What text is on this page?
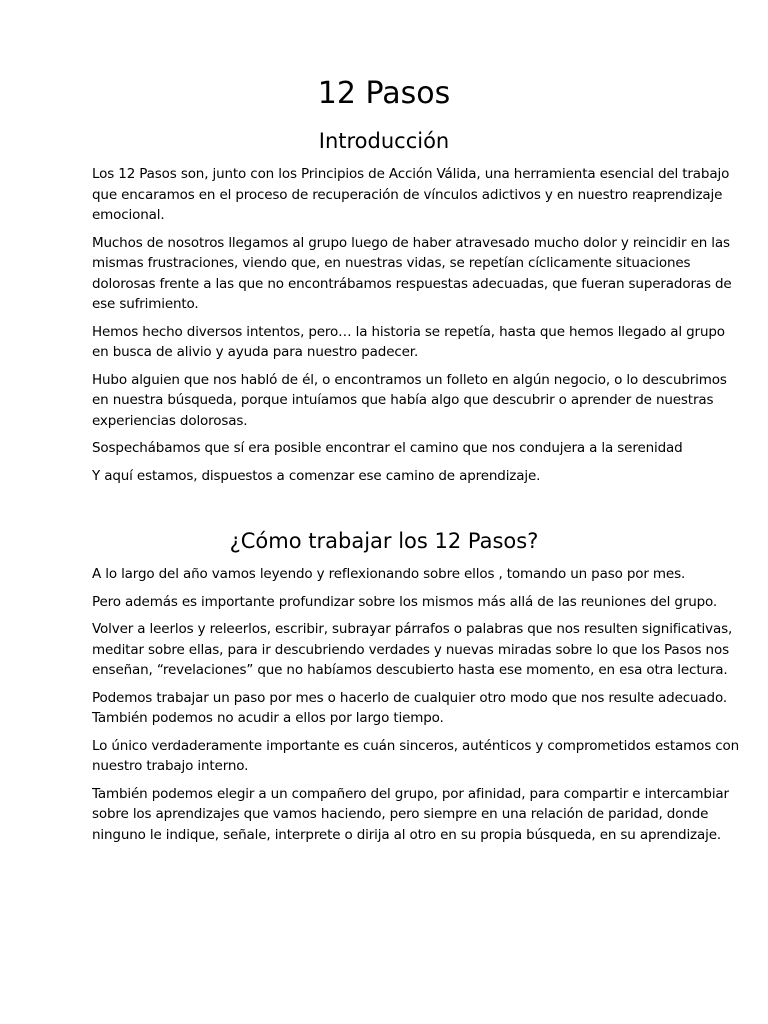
12 Pasos
Introducción

Los 12 Pasos son, junto con los Principios de Acción Válida, una herramienta esencial del trabajo que encaramos en el proceso de recuperación de vínculos adictivos y en nuestro reaprendizaje emocional.

Muchos de nosotros llegamos al grupo luego de haber atravesado mucho dolor y reincidir en las mismas frustraciones, viendo que, en nuestras vidas, se repetían cíclicamente situaciones dolorosas frente a las que no encontrábamos respuestas adecuadas, que fueran superadoras de ese sufrimiento.

Hemos hecho diversos intentos, pero… la historia se repetía, hasta que hemos llegado al grupo en busca de alivio y ayuda para nuestro padecer.

Hubo alguien que nos habló de él, o encontramos un folleto en algún negocio, o lo descubrimos en nuestra búsqueda, porque intuíamos que había algo que descubrir o aprender de nuestras experiencias dolorosas.

Sospechábamos que sí era posible encontrar el camino que nos condujera a la serenidad

Y aquí estamos, dispuestos a comenzar ese camino de aprendizaje.

¿Cómo trabajar los 12 Pasos?

A lo largo del año vamos leyendo y reflexionando sobre ellos , tomando un paso por mes.

Pero además es importante profundizar sobre los mismos más allá de las reuniones del grupo.

Volver a leerlos y releerlos, escribir, subrayar párrafos o palabras que nos resulten significativas, meditar sobre ellas, para ir descubriendo verdades y nuevas miradas sobre lo que los Pasos nos enseñan, “revelaciones” que no habíamos descubierto hasta ese momento, en esa otra lectura.

Podemos trabajar un paso por mes o hacerlo de cualquier otro modo que nos resulte adecuado. También podemos no acudir a ellos por largo tiempo.

Lo único verdaderamente importante es cuán sinceros, auténticos y comprometidos estamos con nuestro trabajo interno.

También podemos elegir a un compañero del grupo, por afinidad, para compartir e intercambiar sobre los aprendizajes que vamos haciendo, pero siempre en una relación de paridad, donde ninguno le indique, señale, interprete o dirija al otro en su propia búsqueda, en su aprendizaje.
